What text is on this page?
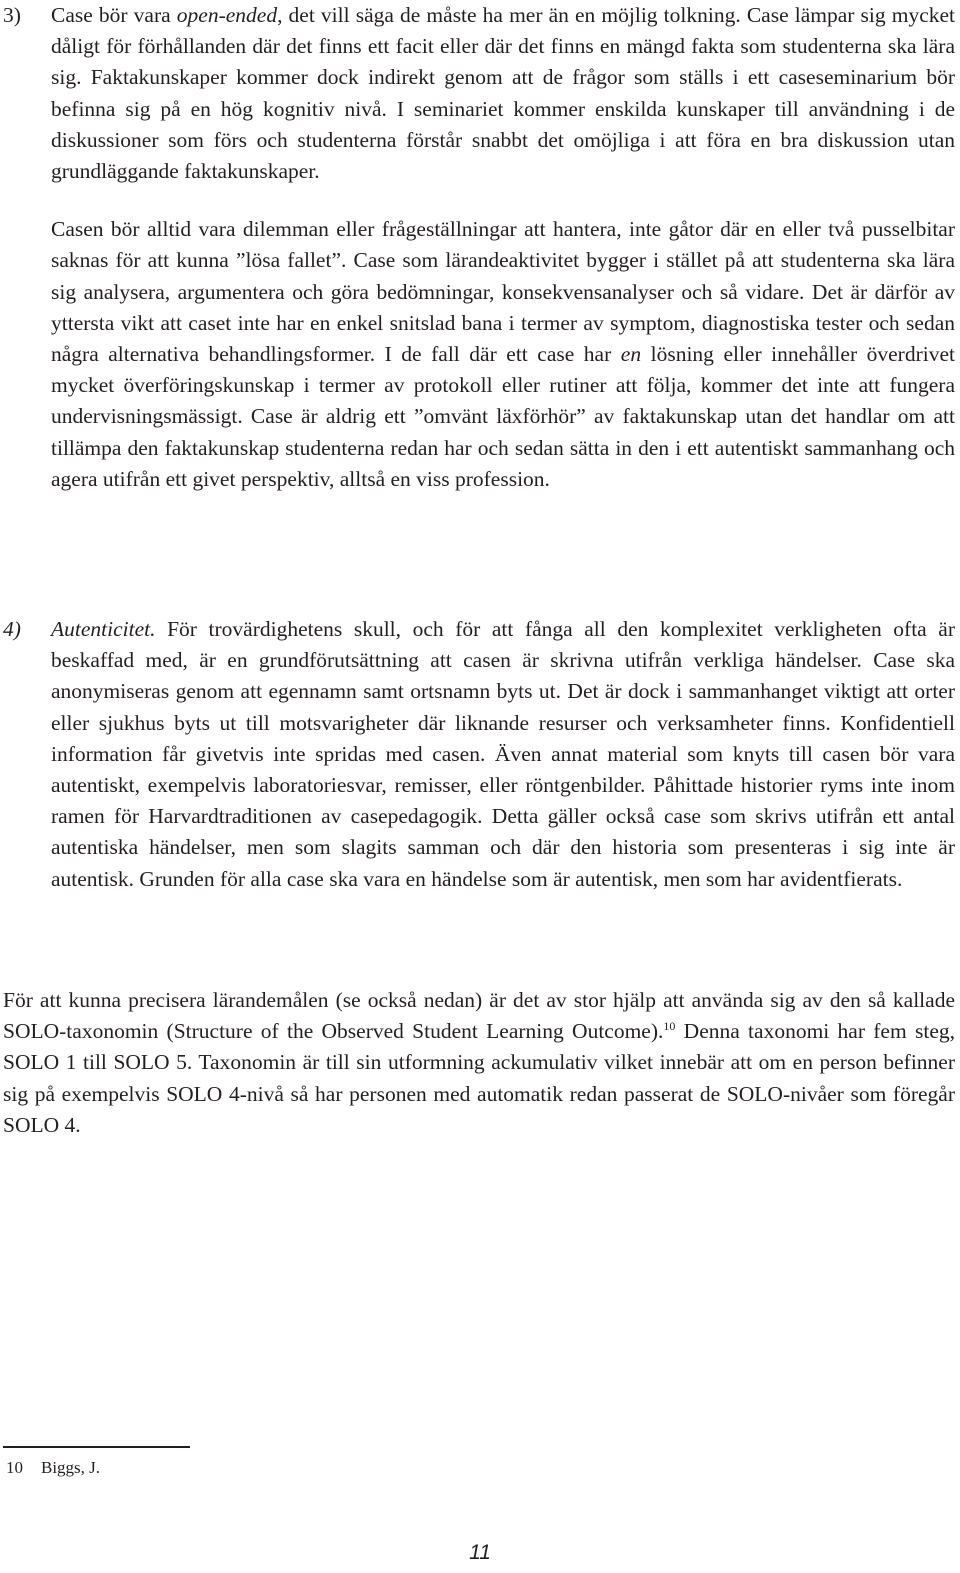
3)	Case bör vara open-ended, det vill säga de måste ha mer än en möjlig tolkning. Case lämpar sig mycket dåligt för förhållanden där det finns ett facit eller där det finns en mängd fakta som studenterna ska lära sig. Faktakunskaper kommer dock indirekt genom att de frågor som ställs i ett caseseminarium bör befinna sig på en hög kognitiv nivå. I seminariet kommer enskilda kunskaper till användning i de diskussioner som förs och studenterna förstår snabbt det omöjliga i att föra en bra diskussion utan grundläggande faktakunskaper.

Casen bör alltid vara dilemman eller frågeställningar att hantera, inte gåtor där en eller två pusselbitar saknas för att kunna ”lösa fallet”. Case som lärandeaktivitet bygger i stället på att studenterna ska lära sig analysera, argumentera och göra bedömningar, konsekvensanalyser och så vidare. Det är därför av yttersta vikt att caset inte har en enkel snitslad bana i termer av symptom, diagnostiska tester och sedan några alternativa behandlingsformer. I de fall där ett case har en lösning eller innehåller överdrivet mycket överföringskunskap i termer av protokoll eller rutiner att följa, kommer det inte att fungera undervisningsmässigt. Case är aldrig ett ”omvänt läxförhör” av faktakunskap utan det handlar om att tillämpa den faktakunskap studenterna redan har och sedan sätta in den i ett autentiskt sammanhang och agera utifrån ett givet perspektiv, alltså en viss profession.

4)	Autenticitet. För trovärdighetens skull, och för att fånga all den komplexitet verkligheten ofta är beskaffad med, är en grundförutsättning att casen är skrivna utifrån verkliga händelser. Case ska anonymiseras genom att egennamn samt ortsnamn byts ut. Det är dock i sammanhanget viktigt att orter eller sjukhus byts ut till motsvarigheter där liknande resurser och verksamheter finns. Konfidentiell information får givetvis inte spridas med casen. Även annat material som knyts till casen bör vara autentiskt, exempelvis laboratoriesvar, remisser, eller röntgenbilder. Påhittade historier ryms inte inom ramen för Harvardtraditionen av casepedagogik. Detta gäller också case som skrivs utifrån ett antal autentiska händelser, men som slagits samman och där den historia som presenteras i sig inte är autentisk. Grunden för alla case ska vara en händelse som är autentisk, men som har avidentfierats.

För att kunna precisera lärandemålen (se också nedan) är det av stor hjälp att använda sig av den så kallade SOLO-taxonomin (Structure of the Observed Student Learning Outcome).$^{10}$ Denna taxonomi har fem steg, SOLO 1 till SOLO 5. Taxonomin är till sin utformning ackumulativ vilket innebär att om en person befinner sig på exempelvis SOLO 4-nivå så har personen med automatik redan passerat de SOLO-nivåer som föregår SOLO 4.

10 Biggs, J.
11
